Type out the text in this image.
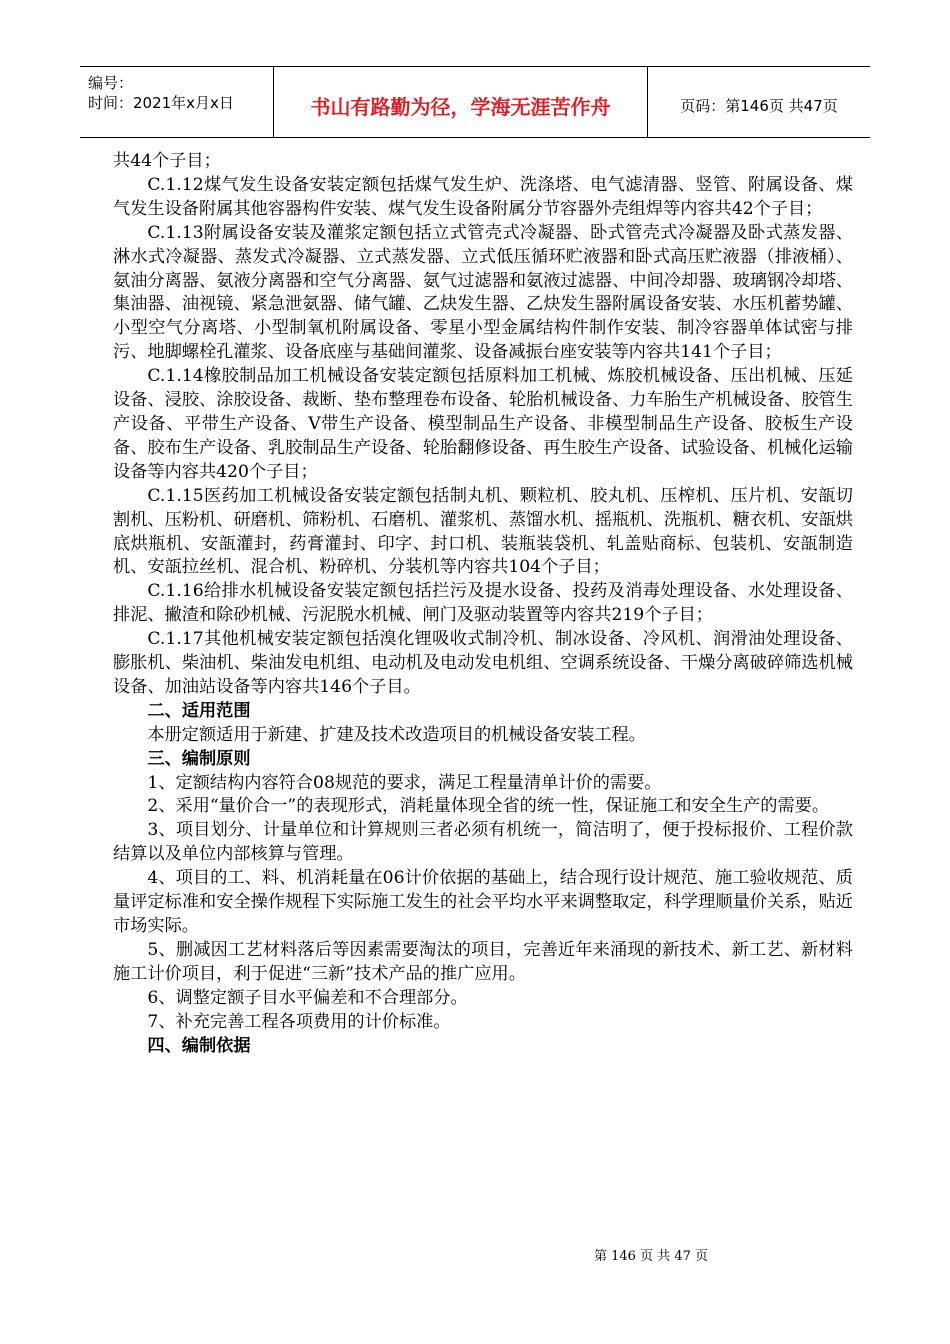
编号：
时间：2021年x月x日	书山有路勤为径，学海无涯苦作舟	页码：第146页 共47页

共44个子目；

C.1.12煤气发生设备安装定额包括煤气发生炉、洗涤塔、电气滤清器、竖管、附属设备、煤气发生设备附属其他容器构件安装、煤气发生设备附属分节容器外壳组焊等内容共42个子目；

C.1.13附属设备安装及灌浆定额包括立式管壳式冷凝器、卧式管壳式冷凝器及卧式蒸发器、淋水式冷凝器、蒸发式冷凝器、立式蒸发器、立式低压循环贮液器和卧式高压贮液器（排液桶）、氨油分离器、氨液分离器和空气分离器、氨气过滤器和氨液过滤器、中间冷却器、玻璃钢冷却塔、集油器、油视镜、紧急泄氨器、储气罐、乙炔发生器、乙炔发生器附属设备安装、水压机蓄势罐、小型空气分离塔、小型制氧机附属设备、零星小型金属结构件制作安装、制冷容器单体试密与排污、地脚螺栓孔灌浆、设备底座与基础间灌浆、设备减振台座安装等内容共141个子目；

C.1.14橡胶制品加工机械设备安装定额包括原料加工机械、炼胶机械设备、压出机械、压延设备、浸胶、涂胶设备、裁断、垫布整理卷布设备、轮胎机械设备、力车胎生产机械设备、胶管生产设备、平带生产设备、V带生产设备、模型制品生产设备、非模型制品生产设备、胶板生产设备、胶布生产设备、乳胶制品生产设备、轮胎翻修设备、再生胶生产设备、试验设备、机械化运输设备等内容共420个子目；

C.1.15医药加工机械设备安装定额包括制丸机、颗粒机、胶丸机、压榨机、压片机、安瓿切割机、压粉机、研磨机、筛粉机、石磨机、灌浆机、蒸馏水机、摇瓶机、洗瓶机、糖衣机、安瓿烘底烘瓶机、安瓿灌封，药膏灌封、印字、封口机、装瓶装袋机、轧盖贴商标、包装机、安瓿制造机、安瓿拉丝机、混合机、粉碎机、分装机等内容共104个子目；

C.1.16给排水机械设备安装定额包括拦污及提水设备、投药及消毒处理设备、水处理设备、排泥、撇渣和除砂机械、污泥脱水机械、闸门及驱动装置等内容共219个子目；

C.1.17其他机械安装定额包括溴化锂吸收式制冷机、制冰设备、冷风机、润滑油处理设备、膨胀机、柴油机、柴油发电机组、电动机及电动发电机组、空调系统设备、干燥分离破碎筛选机械设备、加油站设备等内容共146个子目。

二、适用范围

本册定额适用于新建、扩建及技术改造项目的机械设备安装工程。

三、编制原则

1、定额结构内容符合08规范的要求，满足工程量清单计价的需要。

2、采用“量价合一”的表现形式，消耗量体现全省的统一性，保证施工和安全生产的需要。

3、项目划分、计量单位和计算规则三者必须有机统一，简洁明了，便于投标报价、工程价款结算以及单位内部核算与管理。

4、项目的工、料、机消耗量在06计价依据的基础上，结合现行设计规范、施工验收规范、质量评定标准和安全操作规程下实际施工发生的社会平均水平来调整取定，科学理顺量价关系，贴近市场实际。

5、删减因工艺材料落后等因素需要淘汰的项目，完善近年来涌现的新技术、新工艺、新材料施工计价项目，利于促进“三新”技术产品的推广应用。

6、调整定额子目水平偏差和不合理部分。

7、补充完善工程各项费用的计价标准。

四、编制依据
第 146 页 共 47 页
